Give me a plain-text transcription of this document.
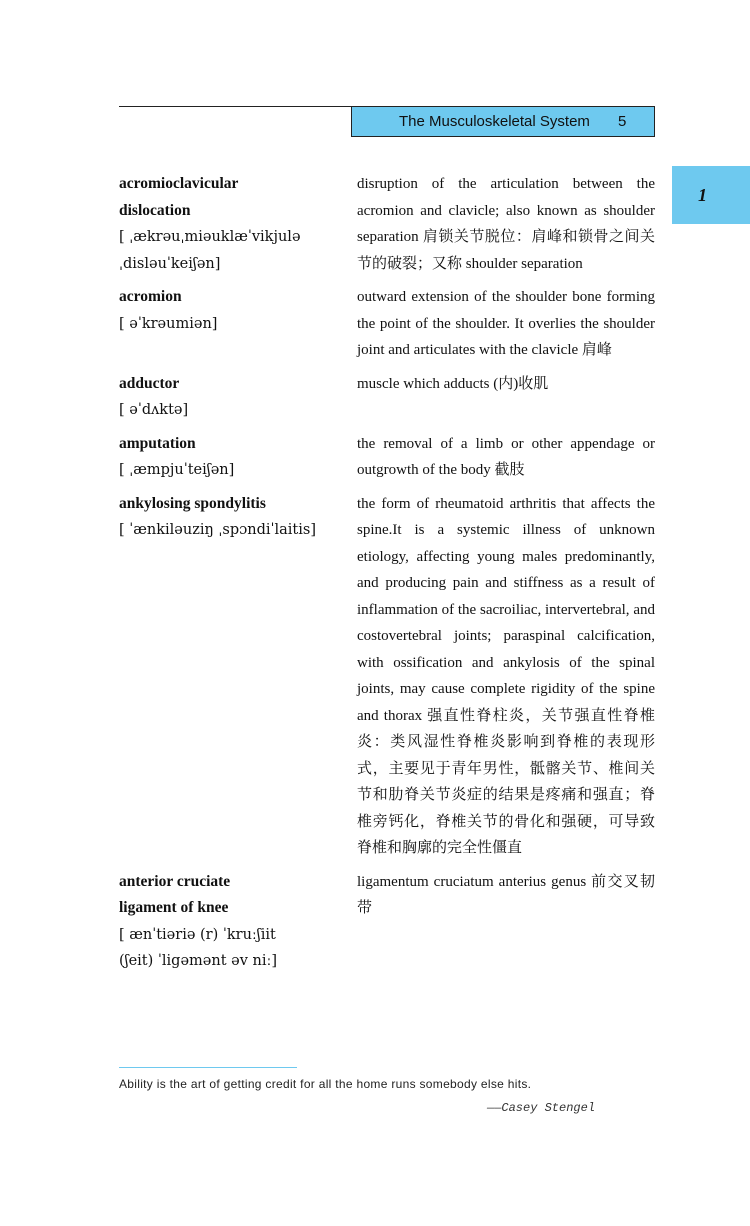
The Musculoskeletal System 5
1
acromioclavicular
dislocation
[ ˌækrəuˌmiəuklæˈvikjulə
ˌdisləuˈkeiʃən]
disruption of the articulation between the acromion and clavicle; also known as shoulder separation 肩锁关节脱位：肩峰和锁骨之间关节的破裂；又称 shoulder separation
acromion
[ əˈkrəumiən]
outward extension of the shoulder bone forming the point of the shoulder. It overlies the shoulder joint and articulates with the clavicle 肩峰
adductor
[ əˈdʌktə]
muscle which adducts (内)收肌
amputation
[ ˌæmpjuˈteiʃən]
the removal of a limb or other appendage or outgrowth of the body 截肢
ankylosing spondylitis
[ ˈænkiləuziŋ ˌspɔndiˈlaitis]
the form of rheumatoid arthritis that affects the spine.It is a systemic illness of unknown etiology, affecting young males predominantly, and producing pain and stiffness as a result of inflammation of the sacroiliac, intervertebral, and costovertebral joints; paraspinal calcification, with ossification and ankylosis of the spinal joints, may cause complete rigidity of the spine and thorax 强直性脊柱炎，关节强直性脊椎炎：类风湿性脊椎炎影响到脊椎的表现形式，主要见于青年男性，骶髂关节、椎间关节和肋脊关节炎症的结果是疼痛和强直；脊椎旁钙化，脊椎关节的骨化和强硬，可导致脊椎和胸廓的完全性僵直
anterior cruciate
ligament of knee
[ ænˈtiəriə (r) ˈkruːʃiit
(ʃeit) ˈligəmənt əv niː]
ligamentum cruciatum anterius genus 前交叉韧带
Ability is the art of getting credit for all the home runs somebody else hits.
——Casey Stengel
